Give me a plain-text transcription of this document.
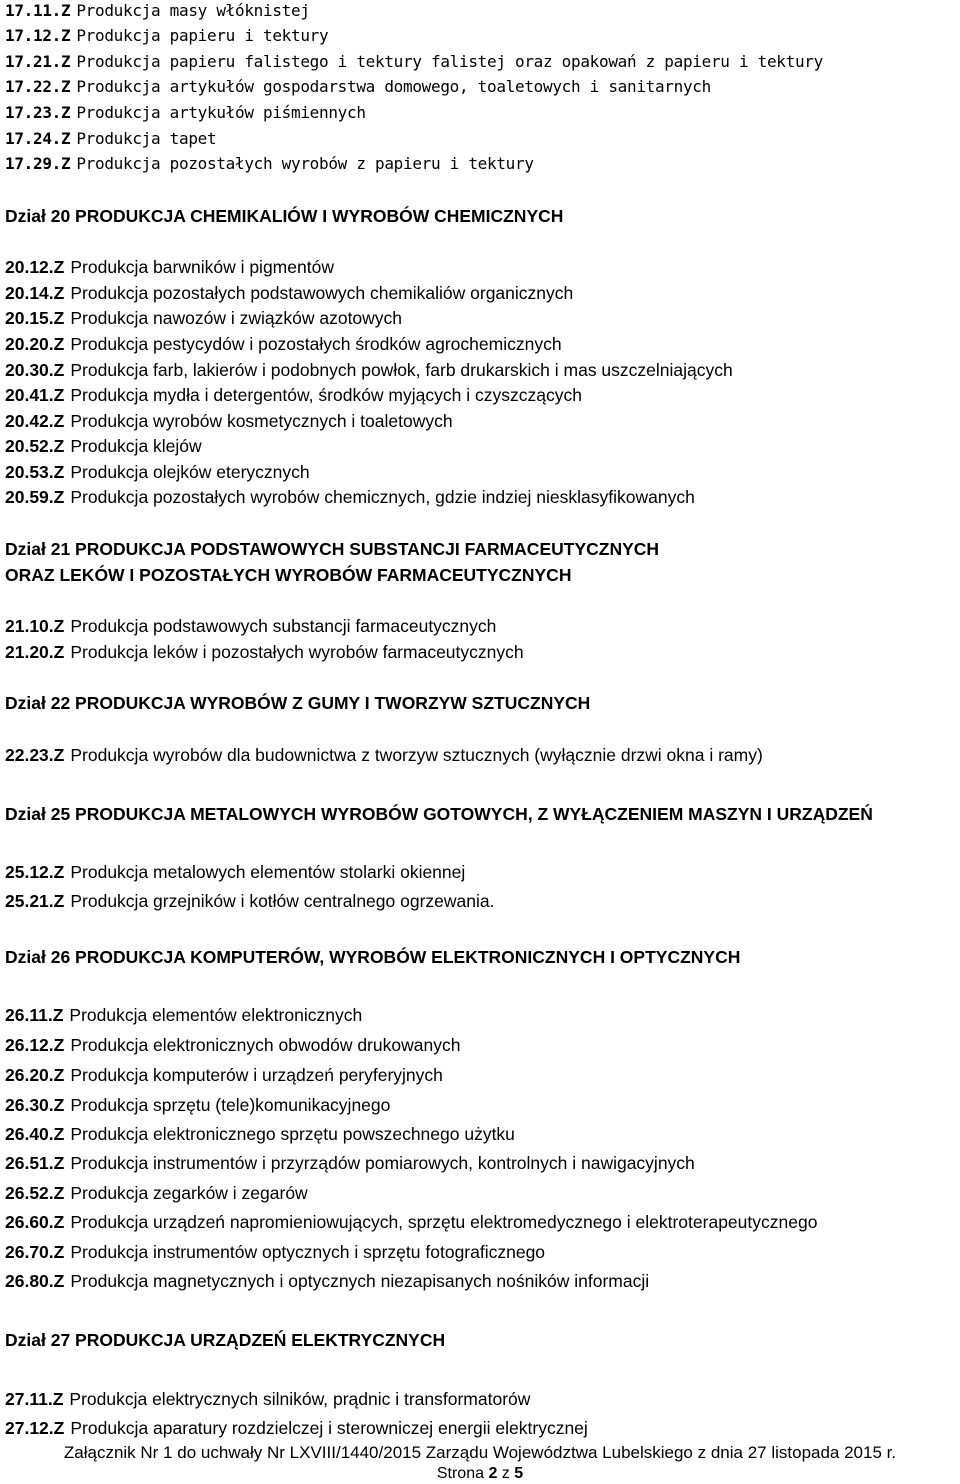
17.11.Z Produkcja masy włóknistej
17.12.Z Produkcja papieru i tektury
17.21.Z Produkcja papieru falistego i tektury falistej oraz opakowań z papieru i tektury
17.22.Z Produkcja artykułów gospodarstwa domowego, toaletowych i sanitarnych
17.23.Z Produkcja artykułów piśmiennych
17.24.Z Produkcja tapet
17.29.Z Produkcja pozostałych wyrobów z papieru i tektury
Dział 20 PRODUKCJA CHEMIKALIÓW I WYROBÓW CHEMICZNYCH
20.12.Z Produkcja barwników i pigmentów
20.14.Z Produkcja pozostałych podstawowych chemikaliów organicznych
20.15.Z Produkcja nawozów i związków azotowych
20.20.Z Produkcja pestycydów i pozostałych środków agrochemicznych
20.30.Z Produkcja farb, lakierów i podobnych powłok, farb drukarskich i mas uszczelniających
20.41.Z Produkcja mydła i detergentów, środków myjących i czyszczących
20.42.Z Produkcja wyrobów kosmetycznych i toaletowych
20.52.Z Produkcja klejów
20.53.Z Produkcja olejków eterycznych
20.59.Z Produkcja pozostałych wyrobów chemicznych, gdzie indziej niesklasyfikowanych
Dział 21 PRODUKCJA PODSTAWOWYCH SUBSTANCJI FARMACEUTYCZNYCH
ORAZ LEKÓW I POZOSTAŁYCH WYROBÓW FARMACEUTYCZNYCH
21.10.Z Produkcja podstawowych substancji farmaceutycznych
21.20.Z Produkcja leków i pozostałych wyrobów farmaceutycznych
Dział 22 PRODUKCJA WYROBÓW Z GUMY I TWORZYW SZTUCZNYCH
22.23.Z Produkcja wyrobów dla budownictwa z tworzyw sztucznych (wyłącznie drzwi okna i ramy)
Dział 25 PRODUKCJA METALOWYCH WYROBÓW GOTOWYCH, Z WYŁĄCZENIEM MASZYN I URZĄDZEŃ
25.12.Z Produkcja metalowych elementów stolarki okiennej
25.21.Z Produkcja grzejników i kotłów centralnego ogrzewania.
Dział 26 PRODUKCJA KOMPUTERÓW, WYROBÓW ELEKTRONICZNYCH I OPTYCZNYCH
26.11.Z Produkcja elementów elektronicznych
26.12.Z Produkcja elektronicznych obwodów drukowanych
26.20.Z Produkcja komputerów i urządzeń peryferyjnych
26.30.Z Produkcja sprzętu (tele)komunikacyjnego
26.40.Z Produkcja elektronicznego sprzętu powszechnego użytku
26.51.Z Produkcja instrumentów i przyrządów pomiarowych, kontrolnych i nawigacyjnych
26.52.Z Produkcja zegarków i zegarów
26.60.Z Produkcja urządzeń napromieniowujących, sprzętu elektromedycznego i elektroterapeutycznego
26.70.Z Produkcja instrumentów optycznych i sprzętu fotograficznego
26.80.Z Produkcja magnetycznych i optycznych niezapisanych nośników informacji
Dział 27 PRODUKCJA URZĄDZEŃ ELEKTRYCZNYCH
27.11.Z Produkcja elektrycznych silników, prądnic i transformatorów
27.12.Z Produkcja aparatury rozdzielczej i sterowniczej energii elektrycznej
Załącznik Nr 1 do uchwały Nr LXVIII/1440/2015 Zarządu Województwa Lubelskiego z dnia 27 listopada 2015 r.
Strona 2 z 5
